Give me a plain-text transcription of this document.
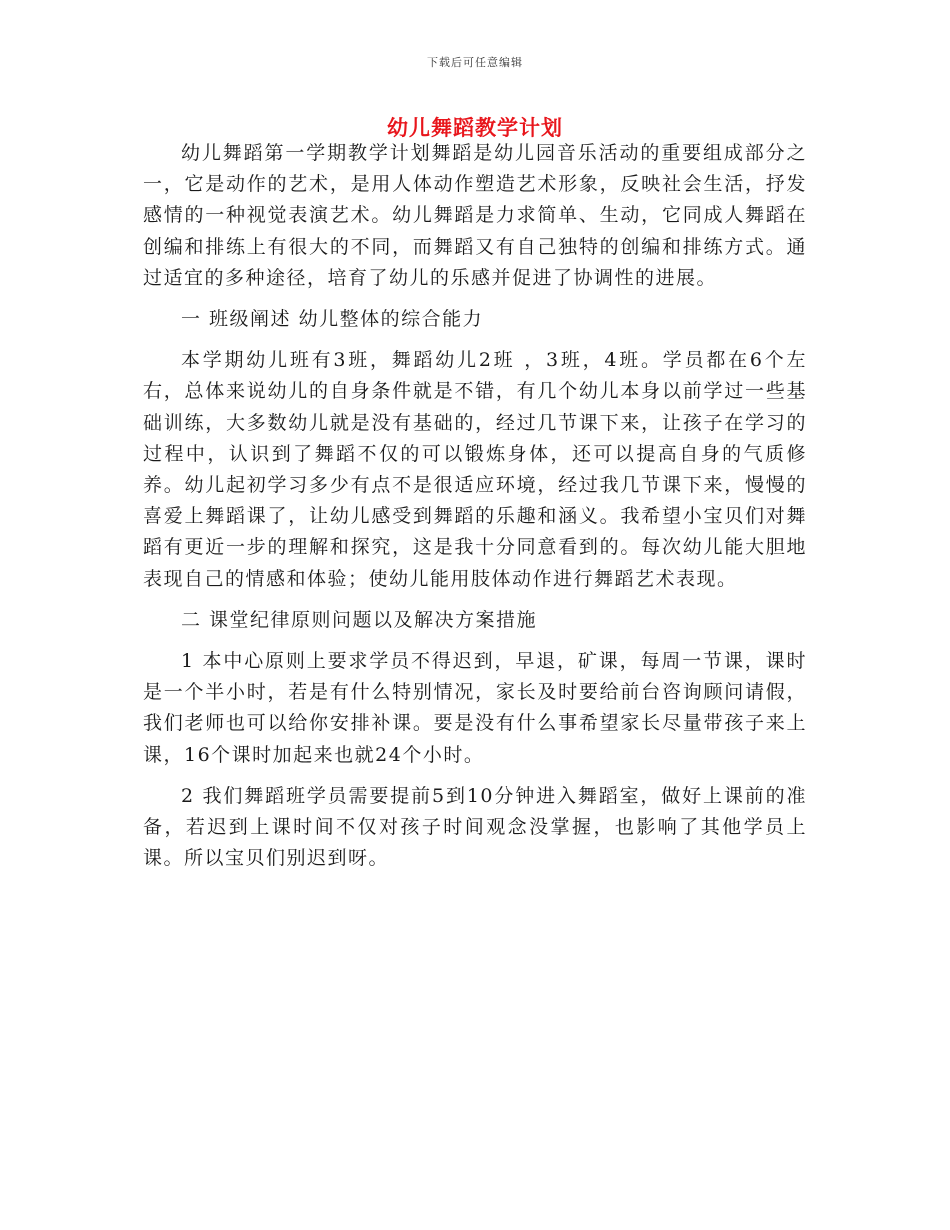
下载后可任意编辑
幼儿舞蹈教学计划

幼儿舞蹈第一学期教学计划舞蹈是幼儿园音乐活动的重要组成部分之一，它是动作的艺术，是用人体动作塑造艺术形象，反映社会生活，抒发感情的一种视觉表演艺术。幼儿舞蹈是力求简单、生动，它同成人舞蹈在创编和排练上有很大的不同，而舞蹈又有自己独特的创编和排练方式。通过适宜的多种途径，培育了幼儿的乐感并促进了协调性的进展。

一 班级阐述 幼儿整体的综合能力

本学期幼儿班有3班，舞蹈幼儿2班 ，3班，4班。学员都在6个左右，总体来说幼儿的自身条件就是不错，有几个幼儿本身以前学过一些基础训练，大多数幼儿就是没有基础的，经过几节课下来，让孩子在学习的过程中，认识到了舞蹈不仅的可以锻炼身体，还可以提高自身的气质修养。幼儿起初学习多少有点不是很适应环境，经过我几节课下来，慢慢的喜爱上舞蹈课了，让幼儿感受到舞蹈的乐趣和涵义。我希望小宝贝们对舞蹈有更近一步的理解和探究，这是我十分同意看到的。每次幼儿能大胆地表现自己的情感和体验；使幼儿能用肢体动作进行舞蹈艺术表现。

二 课堂纪律原则问题以及解决方案措施

1 本中心原则上要求学员不得迟到，早退，矿课，每周一节课，课时是一个半小时，若是有什么特别情况，家长及时要给前台咨询顾问请假，我们老师也可以给你安排补课。要是没有什么事希望家长尽量带孩子来上课，16个课时加起来也就24个小时。

2 我们舞蹈班学员需要提前5到10分钟进入舞蹈室，做好上课前的准备，若迟到上课时间不仅对孩子时间观念没掌握，也影响了其他学员上课。所以宝贝们别迟到呀。
